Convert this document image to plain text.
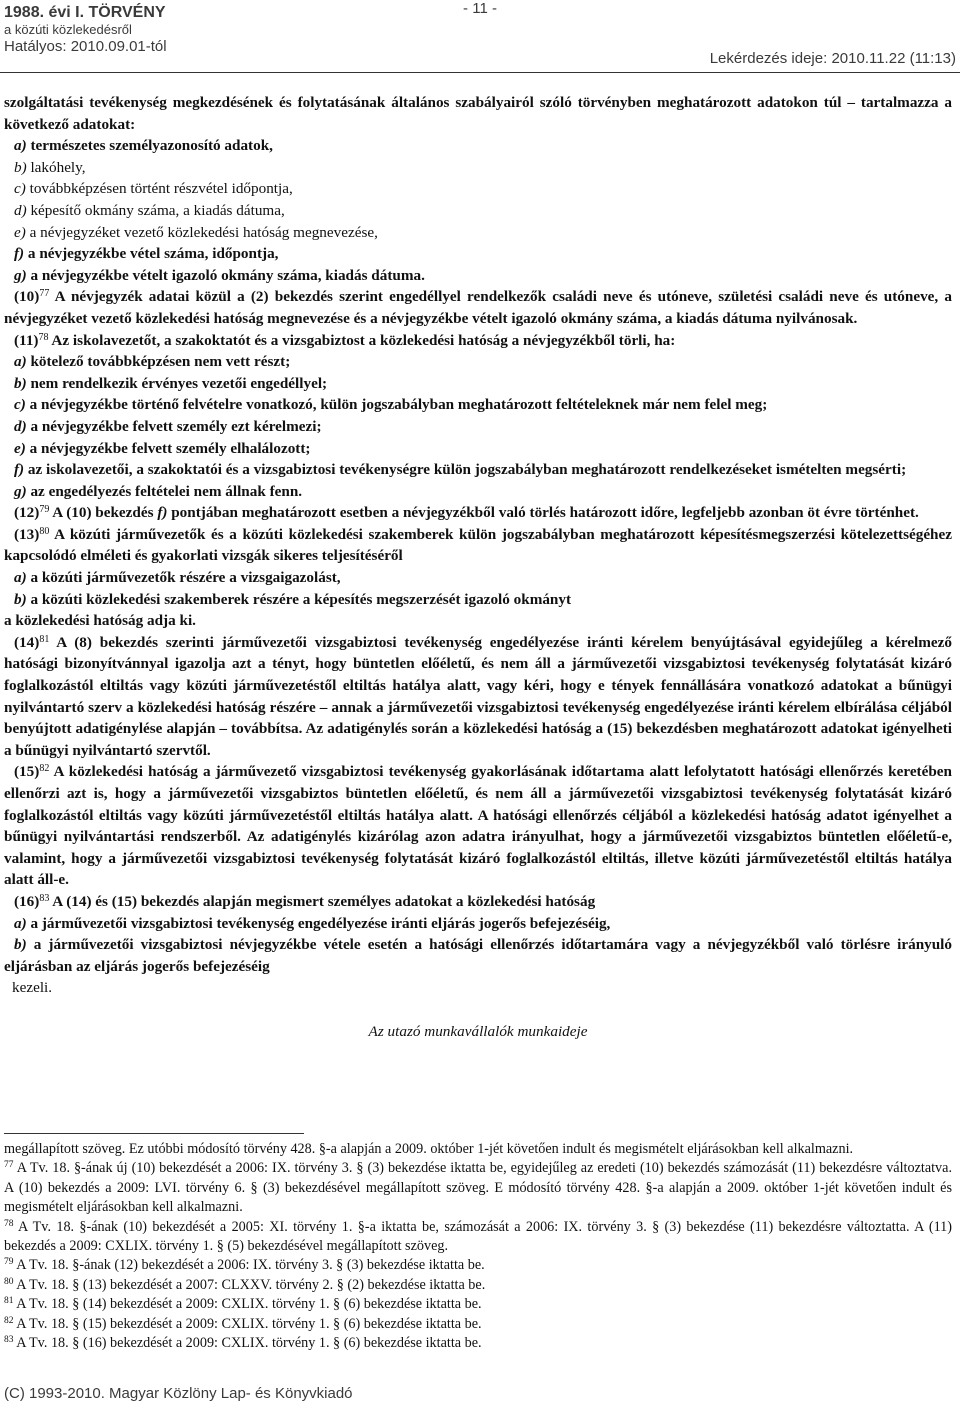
1988. évi I. TÖRVÉNY
a közúti közlekedésről
Hatályos: 2010.09.01-tól
- 11 -
Lekérdezés ideje: 2010.11.22 (11:13)

szolgáltatási tevékenység megkezdésének és folytatásának általános szabályairól szóló törvényben meghatározott adatokon túl – tartalmazza a következő adatokat:

a) természetes személyazonosító adatok,

b) lakóhely,

c) továbbképzésen történt részvétel időpontja,

d) képesítő okmány száma, a kiadás dátuma,

e) a névjegyzéket vezető közlekedési hatóság megnevezése,

f) a névjegyzékbe vétel száma, időpontja,

g) a névjegyzékbe vételt igazoló okmány száma, kiadás dátuma.

$(10)^{77}$ A névjegyzék adatai közül a (2) bekezdés szerint engedéllyel rendelkezők családi neve és utóneve, születési családi neve és utóneve, a névjegyzéket vezető közlekedési hatóság megnevezése és a névjegyzékbe vételt igazoló okmány száma, a kiadás dátuma nyilvánosak.

$(11)^{78}$ Az iskolavezetőt, a szakoktatót és a vizsgabiztost a közlekedési hatóság a névjegyzékből törli, ha:

a) kötelező továbbképzésen nem vett részt;

b) nem rendelkezik érvényes vezetői engedéllyel;

c) a névjegyzékbe történő felvételre vonatkozó, külön jogszabályban meghatározott feltételeknek már nem felel meg;

d) a névjegyzékbe felvett személy ezt kérelmezi;

e) a névjegyzékbe felvett személy elhalálozott;

f) az iskolavezetői, a szakoktatói és a vizsgabiztosi tevékenységre külön jogszabályban meghatározott rendelkezéseket ismételten megsérti;

g) az engedélyezés feltételei nem állnak fenn.

$(12)^{79}$ A (10) bekezdés f) pontjában meghatározott esetben a névjegyzékből való törlés határozott időre, legfeljebb azonban öt évre történhet.

$(13)^{80}$ A közúti járművezetők és a közúti közlekedési szakemberek külön jogszabályban meghatározott képesítésmegszerzési kötelezettségéhez kapcsolódó elméleti és gyakorlati vizsgák sikeres teljesítéséről

a) a közúti járművezetők részére a vizsgaigazolást,

b) a közúti közlekedési szakemberek részére a képesítés megszerzését igazoló okmányt

a közlekedési hatóság adja ki.

$(14)^{81}$ A (8) bekezdés szerinti járművezetői vizsgabiztosi tevékenység engedélyezése iránti kérelem benyújtásával egyidejűleg a kérelmező hatósági bizonyítvánnyal igazolja azt a tényt, hogy büntetlen előéletű, és nem áll a járművezetői vizsgabiztosi tevékenység folytatását kizáró foglalkozástól eltiltás vagy közúti járművezetéstől eltiltás hatálya alatt, vagy kéri, hogy e tények fennállására vonatkozó adatokat a bűnügyi nyilvántartó szerv a közlekedési hatóság részére – annak a járművezetői vizsgabiztosi tevékenység engedélyezése iránti kérelem elbírálása céljából benyújtott adatigénylése alapján – továbbítsa. Az adatigénylés során a közlekedési hatóság a (15) bekezdésben meghatározott adatokat igényelheti a bűnügyi nyilvántartó szervtől.

$(15)^{82}$ A közlekedési hatóság a járművezető vizsgabiztosi tevékenység gyakorlásának időtartama alatt lefolytatott hatósági ellenőrzés keretében ellenőrzi azt is, hogy a járművezetői vizsgabiztos büntetlen előéletű, és nem áll a járművezetői vizsgabiztosi tevékenység folytatását kizáró foglalkozástól eltiltás vagy közúti járművezetéstől eltiltás hatálya alatt. A hatósági ellenőrzés céljából a közlekedési hatóság adatot igényelhet a bűnügyi nyilvántartási rendszerből. Az adatigénylés kizárólag azon adatra irányulhat, hogy a járművezetői vizsgabiztos büntetlen előéletű-e, valamint, hogy a járművezetői vizsgabiztosi tevékenység folytatását kizáró foglalkozástól eltiltás, illetve közúti járművezetéstől eltiltás hatálya alatt áll-e.

$(16)^{83}$ A (14) és (15) bekezdés alapján megismert személyes adatokat a közlekedési hatóság

a) a járművezetői vizsgabiztosi tevékenység engedélyezése iránti eljárás jogerős befejezéséig,

b) a járművezetői vizsgabiztosi névjegyzékbe vétele esetén a hatósági ellenőrzés időtartamára vagy a névjegyzékből való törlésre irányuló eljárásban az eljárás jogerős befejezéséig

kezeli.

Az utazó munkavállalók munkaideje

megállapított szöveg. Ez utóbbi módosító törvény 428. §-a alapján a 2009. október 1-jét követően indult és megismételt eljárásokban kell alkalmazni.

$^{77}$ A Tv. 18. §-ának új (10) bekezdését a 2006: IX. törvény 3. § (3) bekezdése iktatta be, egyidejűleg az eredeti (10) bekezdés számozását (11) bekezdésre változtatva. A (10) bekezdés a 2009: LVI. törvény 6. § (3) bekezdésével megállapított szöveg. E módosító törvény 428. §-a alapján a 2009. október 1-jét követően indult és megismételt eljárásokban kell alkalmazni.

$^{78}$ A Tv. 18. §-ának (10) bekezdését a 2005: XI. törvény 1. §-a iktatta be, számozását a 2006: IX. törvény 3. § (3) bekezdése (11) bekezdésre változtatta. A (11) bekezdés a 2009: CXLIX. törvény 1. § (5) bekezdésével megállapított szöveg.

$^{79}$ A Tv. 18. §-ának (12) bekezdését a 2006: IX. törvény 3. § (3) bekezdése iktatta be.

$^{80}$ A Tv. 18. § (13) bekezdését a 2007: CLXXV. törvény 2. § (2) bekezdése iktatta be.

$^{81}$ A Tv. 18. § (14) bekezdését a 2009: CXLIX. törvény 1. § (6) bekezdése iktatta be.

$^{82}$ A Tv. 18. § (15) bekezdését a 2009: CXLIX. törvény 1. § (6) bekezdése iktatta be.

$^{83}$ A Tv. 18. § (16) bekezdését a 2009: CXLIX. törvény 1. § (6) bekezdése iktatta be.

(C) 1993-2010. Magyar Közlöny Lap- és Könyvkiadó
